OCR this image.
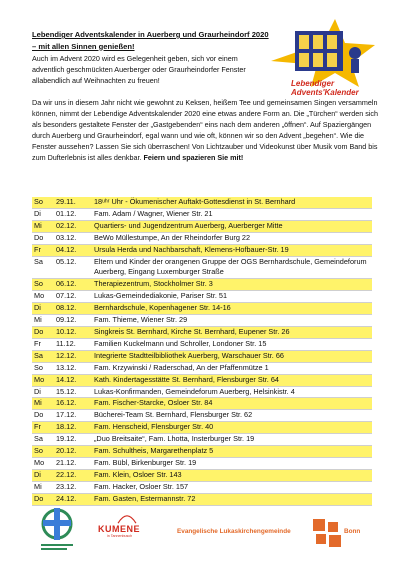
Lebendiger Adventskalender in Auerberg und Graurheindorf 2020 – mit allen Sinnen genießen!
Auch im Advent 2020 wird es Gelegenheit geben, sich vor einem adventlich geschmückten Auerberger oder Graurheindorfer Fenster allabendlich auf Weihnachten zu freuen!
Da wir uns in diesem Jahr nicht wie gewohnt zu Keksen, heißem Tee und gemeinsamen Singen versammeln können, nimmt der Lebendige Adventskalender 2020 eine etwas andere Form an. Die „Türchen“ werden sich als besonders gestaltete Fenster der „Gastgebenden“ eins nach dem anderen „öffnen“. Auf Spaziergängen durch Auerberg und Graurheindorf, egal wann und wie oft, können wir so den Advent „begehen“. Wie die Fenster aussehen? Lassen Sie sich überraschen! Von Lichtzauber und Videokunst über Musik vom Band bis zum Dufterlebnis ist alles denkbar. Feiern und spazieren Sie mit!
Lebendiger
Advents'Kalender
So	29.11.	18ᵘʰʳ Uhr - Ökumenischer Auftakt-Gottesdienst in St. Bernhard
Di	01.12.	Fam. Adam / Wagner, Wiener Str. 21
Mi	02.12.	Quartiers- und Jugendzentrum Auerberg, Auerberger Mitte
Do	03.12.	BeWo Müllestumpe, An der Rheindorfer Burg 22
Fr	04.12.	Ursula Herda und Nachbarschaft, Klemens-Hofbauer-Str. 19
Sa	05.12.	Eltern und Kinder der orangenen Gruppe der OGS Bernhardschule, Gemeindeforum Auerberg, Eingang Luxemburger Straße
So	06.12.	Therapiezentrum, Stockholmer Str. 3
Mo	07.12.	Lukas-Gemeindediakonie, Pariser Str. 51
Di	08.12.	Bernhardschule, Kopenhagener Str. 14-16
Mi	09.12.	Fam. Thieme, Wiener Str. 29
Do	10.12.	Singkreis St. Bernhard, Kirche St. Bernhard, Eupener Str. 26
Fr	11.12.	Familien Kuckelmann und Schroller, Londoner Str. 15
Sa	12.12.	Integrierte Stadtteilbibliothek Auerberg, Warschauer Str. 66
So	13.12.	Fam. Krzywinski / Raderschad, An der Pfaffenmütze 1
Mo	14.12.	Kath. Kindertagesstätte St. Bernhard, Flensburger Str. 64
Di	15.12.	Lukas-Konfirmanden, Gemeindeforum Auerberg, Helsinkistr. 4
Mi	16.12.	Fam. Fischer-Starcke, Osloer Str. 84
Do	17.12.	Bücherei-Team St. Bernhard, Flensburger Str. 62
Fr	18.12.	Fam. Henscheid, Flensburger Str. 40
Sa	19.12.	„Duo Breitsaite“, Fam. Lhotta, Insterburger Str. 19
So	20.12.	Fam. Schultheis, Margarethenplatz 5
Mo	21.12.	Fam. Bübl, Birkenburger Str. 19
Di	22.12.	Fam. Klein, Osloer Str. 143
Mi	23.12.	Fam. Hacker, Osloer Str. 157
Do	24.12.	Fam. Gasten, Estermannstr. 72
KUMENE
in Tannenbusch
Evangelische Lukaskirchengemeinde	Bonn
